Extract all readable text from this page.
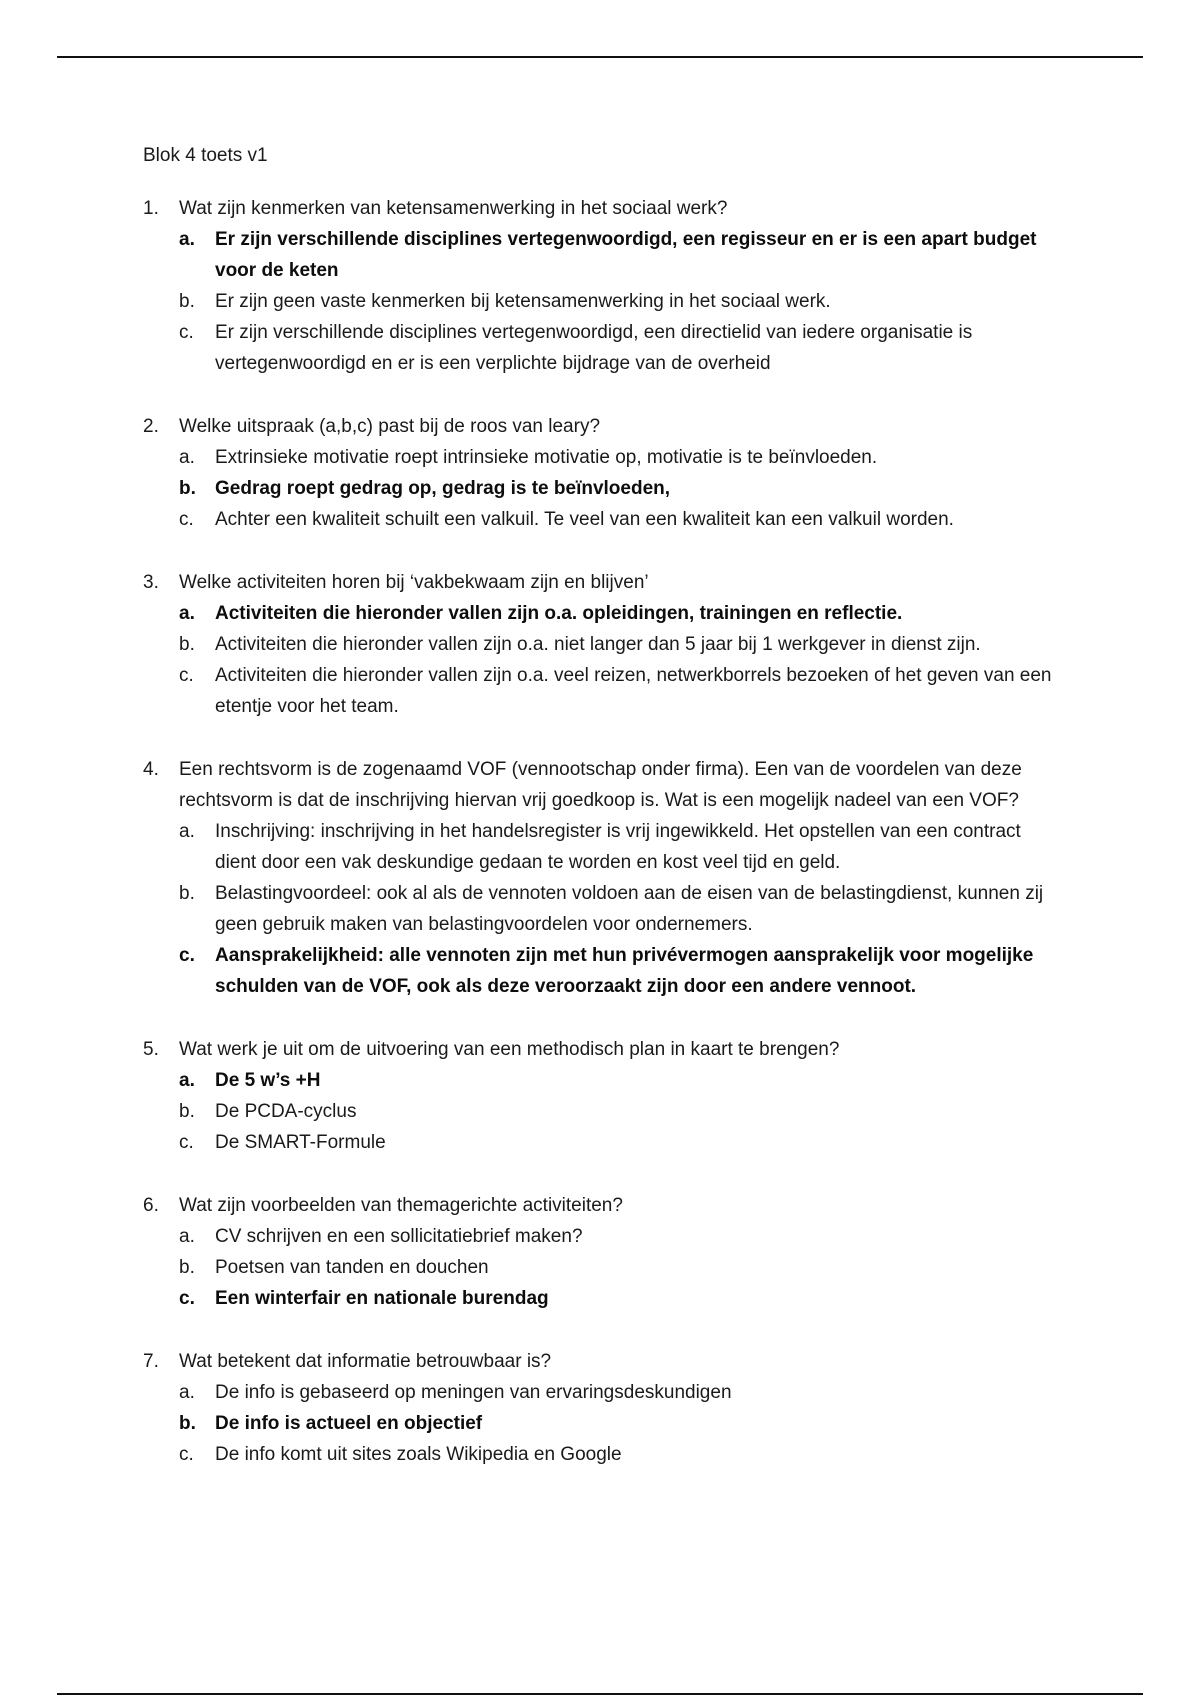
Blok 4 toets v1
1.	Wat zijn kenmerken van ketensamenwerking in het sociaal werk?
a.	Er zijn verschillende disciplines vertegenwoordigd, een regisseur en er is een apart budget voor de keten
b.	Er zijn geen vaste kenmerken bij ketensamenwerking in het sociaal werk.
c.	Er zijn verschillende disciplines vertegenwoordigd, een directielid van iedere organisatie is vertegenwoordigd en er is een verplichte bijdrage van de overheid
2.	Welke uitspraak (a,b,c) past bij de roos van leary?
a.	Extrinsieke motivatie roept intrinsieke motivatie op, motivatie is te beïnvloeden.
b.	Gedrag roept gedrag op, gedrag is te beïnvloeden,
c.	Achter een kwaliteit schuilt een valkuil. Te veel van een kwaliteit kan een valkuil worden.
3.	Welke activiteiten horen bij ‘vakbekwaam zijn en blijven’
a.	Activiteiten die hieronder vallen zijn o.a. opleidingen, trainingen en reflectie.
b.	Activiteiten die hieronder vallen zijn o.a. niet langer dan 5 jaar bij 1 werkgever in dienst zijn.
c.	Activiteiten die hieronder vallen zijn o.a. veel reizen, netwerkborrels bezoeken of het geven van een etentje voor het team.
4.	Een rechtsvorm is de zogenaamd VOF (vennootschap onder firma). Een van de voordelen van deze rechtsvorm is dat de inschrijving hiervan vrij goedkoop is. Wat is een mogelijk nadeel van een VOF?
a.	Inschrijving: inschrijving in het handelsregister is vrij ingewikkeld. Het opstellen van een contract dient door een vak deskundige gedaan te worden en kost veel tijd en geld.
b.	Belastingvoordeel: ook al als de vennoten voldoen aan de eisen van de belastingdienst, kunnen zij geen gebruik maken van belastingvoordelen voor ondernemers.
c.	Aansprakelijkheid: alle vennoten zijn met hun privévermogen aansprakelijk voor mogelijke schulden van de VOF, ook als deze veroorzaakt zijn door een andere vennoot.
5.	Wat werk je uit om de uitvoering van een methodisch plan in kaart te brengen?
a.	De 5 w’s +H
b.	De PCDA-cyclus
c.	De SMART-Formule
6.	Wat zijn voorbeelden van themagerichte activiteiten?
a.	CV schrijven en een sollicitatiebrief maken?
b.	Poetsen van tanden en douchen
c.	Een winterfair en nationale burendag
7.	Wat betekent dat informatie betrouwbaar is?
a.	De info is gebaseerd op meningen van ervaringsdeskundigen
b.	De info is actueel en objectief
c.	De info komt uit sites zoals Wikipedia en Google
